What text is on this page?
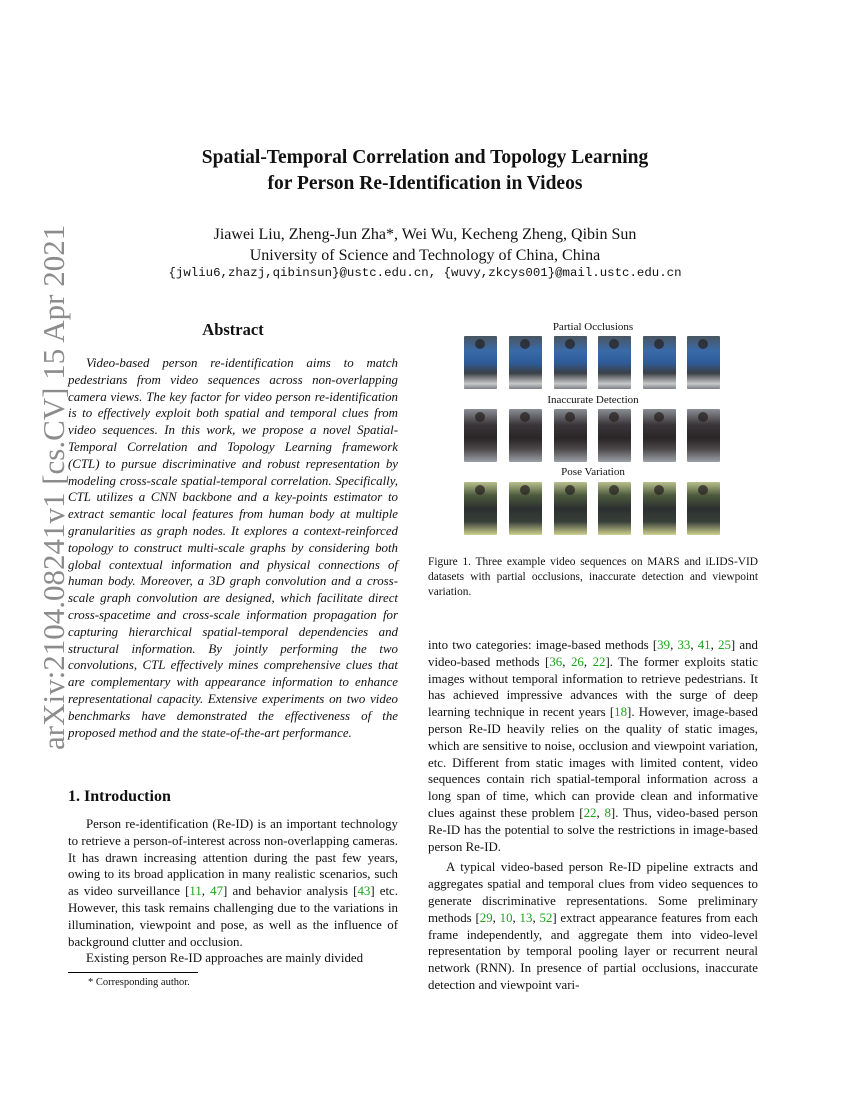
Spatial-Temporal Correlation and Topology Learning
for Person Re-Identification in Videos
Jiawei Liu, Zheng-Jun Zha*, Wei Wu, Kecheng Zheng, Qibin Sun
University of Science and Technology of China, China
{jwliu6,zhazj,qibinsun}@ustc.edu.cn, {wuvy,zkcys001}@mail.ustc.edu.cn
arXiv:2104.08241v1 [cs.CV] 15 Apr 2021	Abstract

Video-based person re-identification aims to match pedestrians from video sequences across non-overlapping camera views. The key factor for video person re-identification is to effectively exploit both spatial and temporal clues from video sequences. In this work, we propose a novel Spatial-Temporal Correlation and Topology Learning framework (CTL) to pursue discriminative and robust representation by modeling cross-scale spatial-temporal correlation. Specifically, CTL utilizes a CNN backbone and a key-points estimator to extract semantic local features from human body at multiple granularities as graph nodes. It explores a context-reinforced topology to construct multi-scale graphs by considering both global contextual information and physical connections of human body. Moreover, a 3D graph convolution and a cross-scale graph convolution are designed, which facilitate direct cross-spacetime and cross-scale information propagation for capturing hierarchical spatial-temporal dependencies and structural information. By jointly performing the two convolutions, CTL effectively mines comprehensive clues that are complementary with appearance information to enhance representational capacity. Extensive experiments on two video benchmarks have demonstrated the effectiveness of the proposed method and the state-of-the-art performance.

1. Introduction

Person re-identification (Re-ID) is an important technology to retrieve a person-of-interest across non-overlapping cameras. It has drawn increasing attention during the past few years, owing to its broad application in many realistic scenarios, such as video surveillance [11, 47] and behavior analysis [43] etc. However, this task remains challenging due to the variations in illumination, viewpoint and pose, as well as the influence of background clutter and occlusion.

Existing person Re-ID approaches are mainly divided

* Corresponding author.
Partial Occlusions
Inaccurate Detection
Pose Variation
Figure 1. Three example video sequences on MARS and iLIDS-VID datasets with partial occlusions, inaccurate detection and viewpoint variation.

into two categories: image-based methods [39, 33, 41, 25] and video-based methods [36, 26, 22]. The former exploits static images without temporal information to retrieve pedestrians. It has achieved impressive advances with the surge of deep learning technique in recent years [18]. However, image-based person Re-ID heavily relies on the quality of static images, which are sensitive to noise, occlusion and viewpoint variation, etc. Different from static images with limited content, video sequences contain rich spatial-temporal information across a long span of time, which can provide clean and informative clues against these problem [22, 8]. Thus, video-based person Re-ID has the potential to solve the restrictions in image-based person Re-ID.

A typical video-based person Re-ID pipeline extracts and aggregates spatial and temporal clues from video sequences to generate discriminative representations. Some preliminary methods [29, 10, 13, 52] extract appearance features from each frame independently, and aggregate them into video-level representation by temporal pooling layer or recurrent neural network (RNN). In presence of partial occlusions, inaccurate detection and viewpoint vari-
